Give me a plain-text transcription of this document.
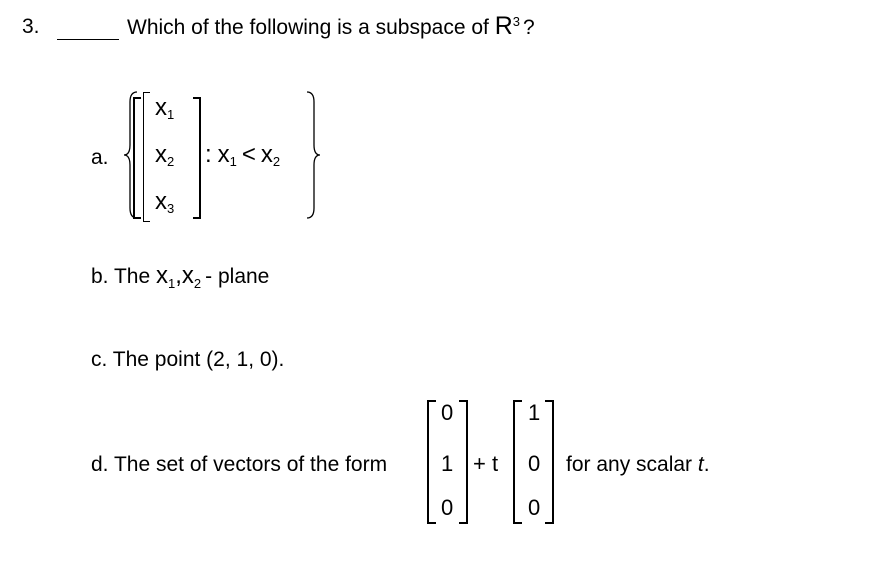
3.	Which of the following is a subspace of $R^3$ ?
a.
$x_1$
$x_2$
$x_3$
: $x_1 < x_2$
b. The $x_1,x_2$ - plane
c. The point (2, 1, 0).
d. The set of vectors of the form
0
1
0
+ t
1
0
0
for any scalar t.
